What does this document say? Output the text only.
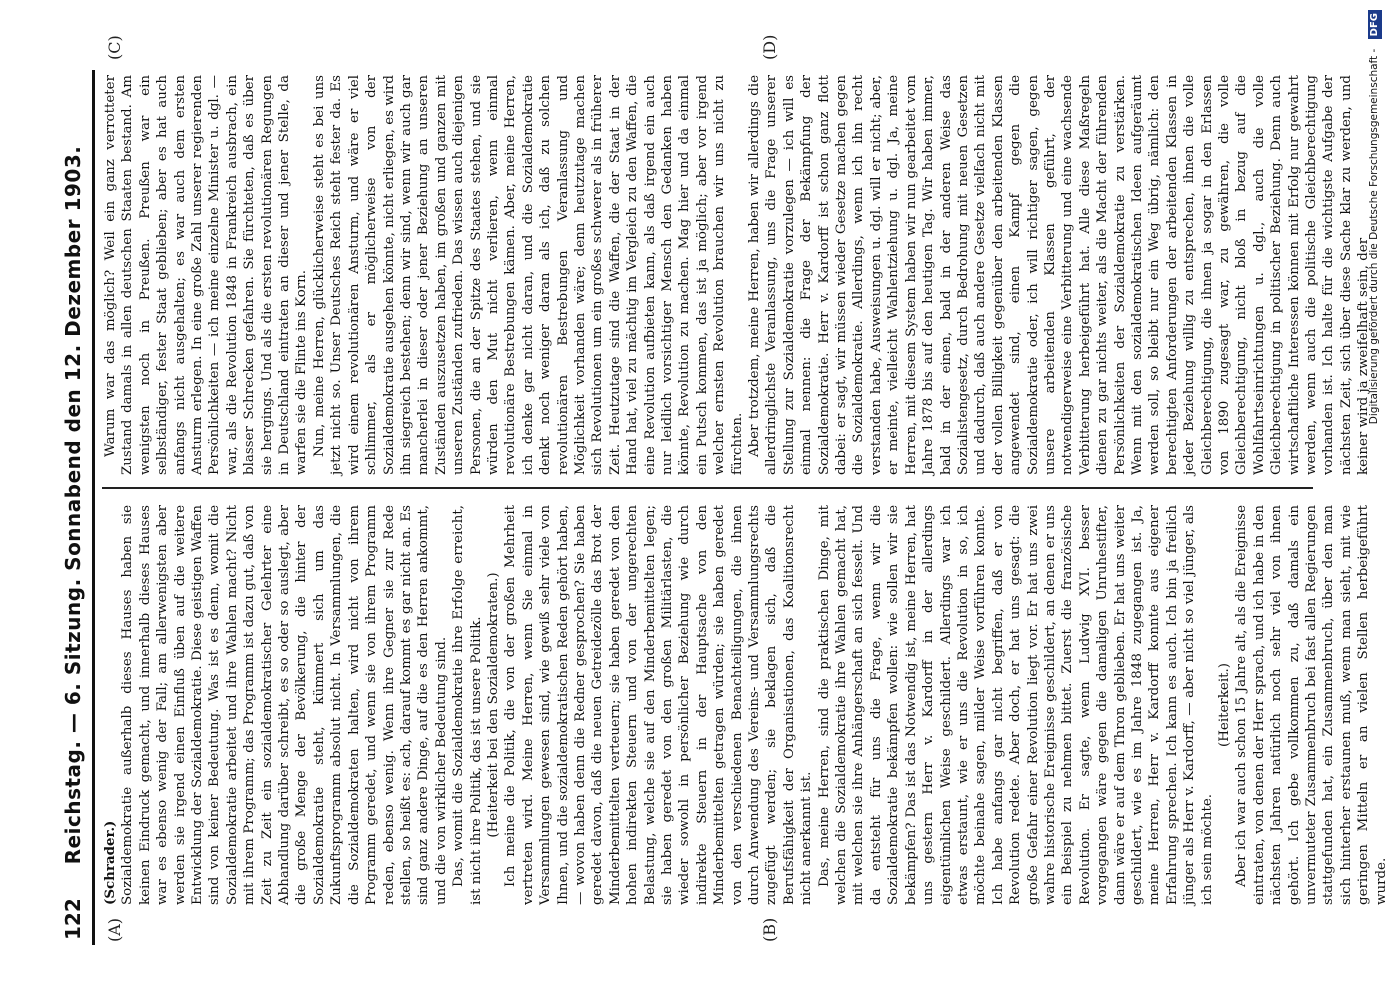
122
Reichstag. — 6. Sitzung. Sonnabend den 12. Dezember 1903.
(A)	(B)
(C)	(D)

(Schrader.) Sozialdemokratie außerhalb dieses Hauses haben sie keinen Eindruck gemacht, und innerhalb dieses Hauses war es ebenso wenig der Fall; am allerwenigsten aber werden sie irgend einen Einfluß üben auf die weitere Entwicklung der Sozialdemokratie. Diese geistigen Waffen sind von keiner Bedeutung. Was ist es denn, womit die Sozialdemokratie arbeitet und ihre Wahlen macht? Nicht mit ihrem Programm; das Programm ist dazu gut, daß von Zeit zu Zeit ein sozialdemokratischer Gelehrter eine Abhandlung darüber schreibt, es so oder so auslegt, aber die große Menge der Bevölkerung, die hinter der Sozialdemokratie steht, kümmert sich um das Zukunftsprogramm absolut nicht. In Versammlungen, die die Sozialdemokraten halten, wird nicht von ihrem Programm geredet, und wenn sie von ihrem Programm reden, ebenso wenig. Wenn ihre Gegner sie zur Rede stellen, so heißt es: ach, darauf kommt es gar nicht an. Es sind ganz andere Dinge, auf die es den Herren ankommt, und die von wirklicher Bedeutung sind. Das, womit die Sozialdemokratie ihre Erfolge erreicht, ist nicht ihre Politik, das ist unsere Politik. (Heiterkeit bei den Sozialdemokraten.) Ich meine die Politik, die von der großen Mehrheit vertreten wird. Meine Herren, wenn Sie einmal in Versammlungen gewesen sind, wie gewiß sehr viele von Ihnen, und die sozialdemokratischen Reden gehört haben, — wovon haben denn die Redner gesprochen? Sie haben geredet davon, daß die neuen Getreidezölle das Brot der Minderbemittelten verteuern; sie haben geredet von den hohen indirekten Steuern und von der ungerechten Belastung, welche sie auf den Minderbemittelten legen; sie haben geredet von den großen Militärlasten, die wieder sowohl in persönlicher Beziehung wie durch indirekte Steuern in der Hauptsache von den Minderbemittelten getragen würden; sie haben geredet von den verschiedenen Benachteiligungen, die ihnen durch Anwendung des Vereins- und Versammlungsrechts zugefügt werden; sie beklagen sich, daß die Berufsfähigkeit der Organisationen, das Koalitionsrecht nicht anerkannt ist. Das, meine Herren, sind die praktischen Dinge, mit welchen die Sozialdemokratie ihre Wahlen gemacht hat, mit welchen sie ihre Anhängerschaft an sich fesselt. Und da entsteht für uns die Frage, wenn wir die Sozialdemokratie bekämpfen wollen: wie sollen wir sie bekämpfen? Das ist das Notwendig ist, meine Herren, hat uns gestern Herr v. Kardorff in der allerdings eigentümlichen Weise geschildert. Allerdings war ich etwas erstaunt, wie er uns die Revolution in so, ich möchte beinahe sagen, milder Weise vorführen konnte. Ich habe anfangs gar nicht begriffen, daß er von Revolution redete. Aber doch, er hat uns gesagt: die große Gefahr einer Revolution liegt vor. Er hat uns zwei wahre historische Ereignisse geschildert, an denen er uns ein Beispiel zu nehmen bittet. Zuerst die französische Revolution. Er sagte, wenn Ludwig XVI. besser vorgegangen wäre gegen die damaligen Unruhestifter, dann wäre er auf dem Thron geblieben. Er hat uns weiter geschildert, wie es im Jahre 1848 zugegangen ist. Ja, meine Herren, Herr v. Kardorff konnte aus eigener Erfahrung sprechen. Ich kann es auch. Ich bin ja freilich jünger als Herr v. Kardorff, — aber nicht so viel jünger, als ich sein möchte.

(Heiterkeit.) Aber ich war auch schon 15 Jahre alt, als die Ereignisse eintraten, von denen der Herr sprach, und ich habe in den nächsten Jahren natürlich noch sehr viel von ihnen gehört. Ich gebe vollkommen zu, daß damals ein unvermuteter Zusammenbruch bei fast allen Regierungen stattgefunden hat, ein Zusammenbruch, über den man sich hinterher erstaunen muß, wenn man sieht, mit wie geringen Mitteln er an vielen Stellen herbeigeführt wurde.

Warum war das möglich? Weil ein ganz verrotteter Zustand damals in allen deutschen Staaten bestand. Am wenigsten noch in Preußen. Preußen war ein selbständiger, fester Staat geblieben; aber es hat auch anfangs nicht ausgehalten; es war auch dem ersten Ansturm erlegen. In eine große Zahl unserer regierenden Persönlichkeiten — ich meine einzelne Minister u. dgl. — war, als die Revolution 1848 in Frankreich ausbrach, ein blasser Schrecken gefahren. Sie fürchteten, daß es über sie hergings. Und als die ersten revolutionären Regungen in Deutschland eintraten an dieser und jener Stelle, da warfen sie die Flinte ins Korn. Nun, meine Herren, glücklicherweise steht es bei uns jetzt nicht so. Unser Deutsches Reich steht fester da. Es wird einem revolutionären Ansturm, und wäre er viel schlimmer, als er möglicherweise von der Sozialdemokratie ausgehen könnte, nicht erliegen, es wird ihn siegreich bestehen; denn wir sind, wenn wir auch gar mancherlei in dieser oder jener Beziehung an unseren Zuständen auszusetzen haben, im großen und ganzen mit unseren Zuständen zufrieden. Das wissen auch diejenigen Personen, die an der Spitze des Staates stehen, und sie würden den Mut nicht verlieren, wenn einmal revolutionäre Bestrebungen kämen. Aber, meine Herren, ich denke gar nicht daran, und die Sozialdemokratie denkt noch weniger daran als ich, daß zu solchen revolutionären Bestrebungen Veranlassung und Möglichkeit vorhanden wäre; denn heutzutage machen sich Revolutionen um ein großes schwerer als in früherer Zeit. Heutzutage sind die Waffen, die der Staat in der Hand hat, viel zu mächtig im Vergleich zu den Waffen, die eine Revolution aufbieten kann, als daß irgend ein auch nur leidlich vorsichtiger Mensch den Gedanken haben könnte, Revolution zu machen. Mag hier und da einmal ein Putsch kommen, das ist ja möglich; aber vor irgend welcher ernsten Revolution brauchen wir uns nicht zu fürchten. Aber trotzdem, meine Herren, haben wir allerdings die allerdringlichste Veranlassung, uns die Frage unserer Stellung zur Sozialdemokratie vorzulegen — ich will es einmal nennen: die Frage der Bekämpfung der Sozialdemokratie. Herr v. Kardorff ist schon ganz flott dabei: er sagt, wir müssen wieder Gesetze machen gegen die Sozialdemokratie. Allerdings, wenn ich ihn recht verstanden habe, Ausweisungen u. dgl. will er nicht; aber, er meinte, vielleicht Wahlentziehung u. dgl. Ja, meine Herren, mit diesem System haben wir nun gearbeitet vom Jahre 1878 bis auf den heutigen Tag. Wir haben immer, bald in der einen, bald in der anderen Weise das Sozialistengesetz, durch Bedrohung mit neuen Gesetzen und dadurch, daß auch andere Gesetze vielfach nicht mit der vollen Billigkeit gegenüber den arbeitenden Klassen angewendet sind, einen Kampf gegen die Sozialdemokratie oder, ich will richtiger sagen, gegen unsere arbeitenden Klassen geführt, der notwendigerweise eine Verbitterung und eine wachsende Verbitterung herbeigeführt hat. Alle diese Maßregeln dienen zu gar nichts weiter, als die Macht der führenden Persönlichkeiten der Sozialdemokratie zu verstärken. Wenn mit den sozialdemokratischen Ideen aufgeräumt werden soll, so bleibt nur ein Weg übrig, nämlich: den berechtigten Anforderungen der arbeitenden Klassen in jeder Beziehung willig zu entsprechen, ihnen die volle Gleichberechtigung, die ihnen ja sogar in den Erlassen von 1890 zugesagt war, zu gewähren, die volle Gleichberechtigung, nicht bloß in bezug auf die Wohlfahrtseinrichtungen u. dgl., auch die volle Gleichberechtigung in politischer Beziehung. Denn auch wirtschaftliche Interessen können mit Erfolg nur gewahrt werden, wenn auch die politische Gleichberechtigung vorhanden ist. Ich halte für die wichtigste Aufgabe der nächsten Zeit, sich über diese Sache klar zu werden, und keiner wird ja zweifelhaft sein, der

Digitalisierung gefördert durch die Deutsche Forschungsgemeinschaft - DFG
